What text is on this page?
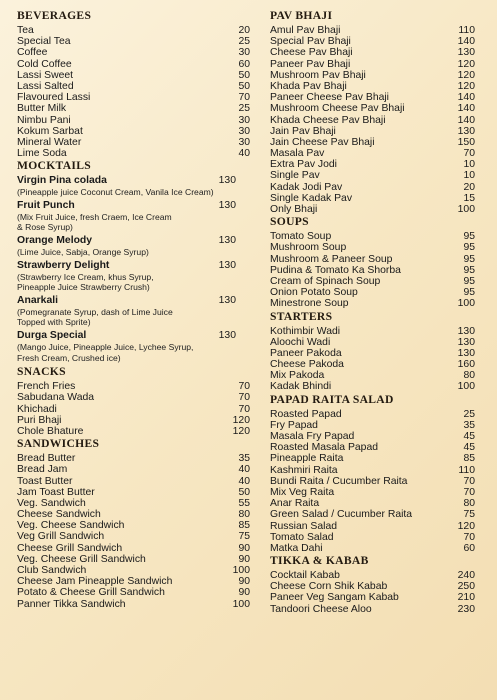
BEVERAGES
Tea	20
Special Tea	25
Coffee	30
Cold Coffee	60
Lassi Sweet	50
Lassi Salted	50
Flavoured Lassi	70
Butter Milk	25
Nimbu Pani	30
Kokum Sarbat	30
Mineral Water	30
Lime Soda	40
MOCKTAILS
Virgin Pina colada	130
(Pineapple juice Coconut Cream, Vanila Ice Cream)
Fruit Punch	130
(Mix Fruit Juice, fresh Craem, Ice Cream
& Rose Syrup)
Orange Melody	130
(Lime Juice, Sabja, Orange Syrup)
Strawberry Delight	130
(Strawberry Ice Cream, khus Syrup,
Pineapple Juice Strawberry Crush)
Anarkali	130
(Pomegranate Syrup, dash of Lime Juice
Topped with Sprite)
Durga Special	130
(Mango Juice, Pineapple Juice, Lychee Syrup,
Fresh Cream, Crushed ice)
SNACKS
French Fries	70
Sabudana Wada	70
Khichadi	70
Puri Bhaji	120
Chole Bhature	120
SANDWICHES
Bread Butter	35
Bread Jam	40
Toast Butter	40
Jam Toast Butter	50
Veg. Sandwich	55
Cheese Sandwich	80
Veg. Cheese Sandwich	85
Veg Grill Sandwich	75
Cheese Grill Sandwich	90
Veg. Cheese Grill Sandwich	90
Club Sandwich	100
Cheese Jam Pineapple Sandwich	90
Potato & Cheese Grill Sandwich	90
Panner Tikka Sandwich	100
PAV BHAJI
Amul Pav Bhaji	110
Special Pav Bhaji	140
Cheese Pav Bhaji	130
Paneer Pav Bhaji	120
Mushroom Pav Bhaji	120
Khada Pav Bhaji	120
Paneer Cheese Pav Bhaji	140
Mushroom Cheese Pav Bhaji	140
Khada Cheese Pav Bhaji	140
Jain Pav Bhaji	130
Jain Cheese Pav Bhaji	150
Masala Pav	70
Extra Pav Jodi	10
Single Pav	10
Kadak Jodi Pav	20
Single Kadak Pav	15
Only Bhaji	100
SOUPS
Tomato Soup	95
Mushroom Soup	95
Mushroom & Paneer Soup	95
Pudina & Tomato Ka Shorba	95
Cream of Spinach Soup	95
Onion Potato Soup	95
Minestrone Soup	100
STARTERS
Kothimbir Wadi	130
Aloochi Wadi	130
Paneer Pakoda	130
Cheese Pakoda	160
Mix Pakoda	80
Kadak Bhindi	100
PAPAD RAITA SALAD
Roasted Papad	25
Fry Papad	35
Masala Fry Papad	45
Roasted Masala Papad	45
Pineapple Raita	85
Kashmiri Raita	110
Bundi Raita / Cucumber Raita	70
Mix Veg Raita	70
Anar Raita	80
Green Salad / Cucumber Raita	75
Russian Salad	120
Tomato Salad	70
Matka Dahi	60
TIKKA & KABAB
Cocktail Kabab	240
Cheese Corn Shik Kabab	250
Paneer Veg Sangam Kabab	210
Tandoori Cheese Aloo	230
